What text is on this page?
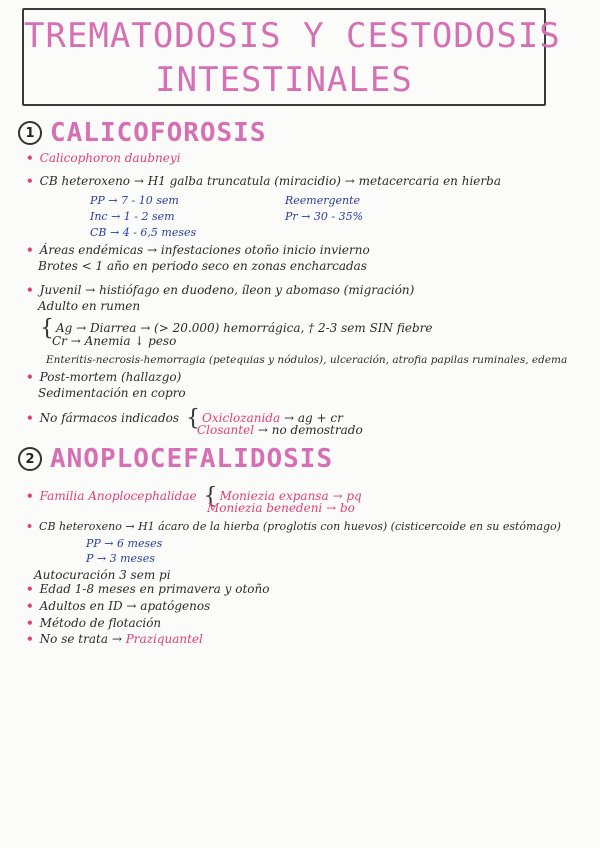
TREMATODOSIS Y CESTODOSIS
INTESTINALES
1 CALICOFOROSIS
• Calicophoron daubneyi
• CB heteroxeno → H1 galba truncatula (miracidio) → metacercaria en hierba
PP → 7 - 10 sem	Reemergente
Inc → 1 - 2 sem	Pr → 30 - 35%
CB → 4 - 6,5 meses
• Áreas endémicas → infestaciones otoño inicio invierno
Brotes < 1 año en periodo seco en zonas encharcadas
• Juvenil → histiófago en duodeno, íleon y abomaso (migración)
Adulto en rumen
{ Ag → Diarrea → (> 20.000) hemorrágica, † 2-3 sem SIN fiebre
Cr → Anemia ↓ peso
Enteritis-necrosis-hemorragia (petequias y nódulos), ulceración, atrofia papilas ruminales, edema
• Post-mortem (hallazgo)
Sedimentación en copro
• No fármacos indicados { Oxiclozanida → ag + cr
Closantel → no demostrado
2 ANOPLOCEFALIDOSIS
• Familia Anoplocephalidae { Moniezia expansa → pq
Moniezia benedeni → bo
• CB heteroxeno → H1 ácaro de la hierba (proglotis con huevos) (cisticercoide en su estómago)
PP → 6 meses
P → 3 meses
Autocuración 3 sem pi
• Edad 1-8 meses en primavera y otoño
• Adultos en ID → apatógenos
• Método de flotación
• No se trata → Praziquantel
